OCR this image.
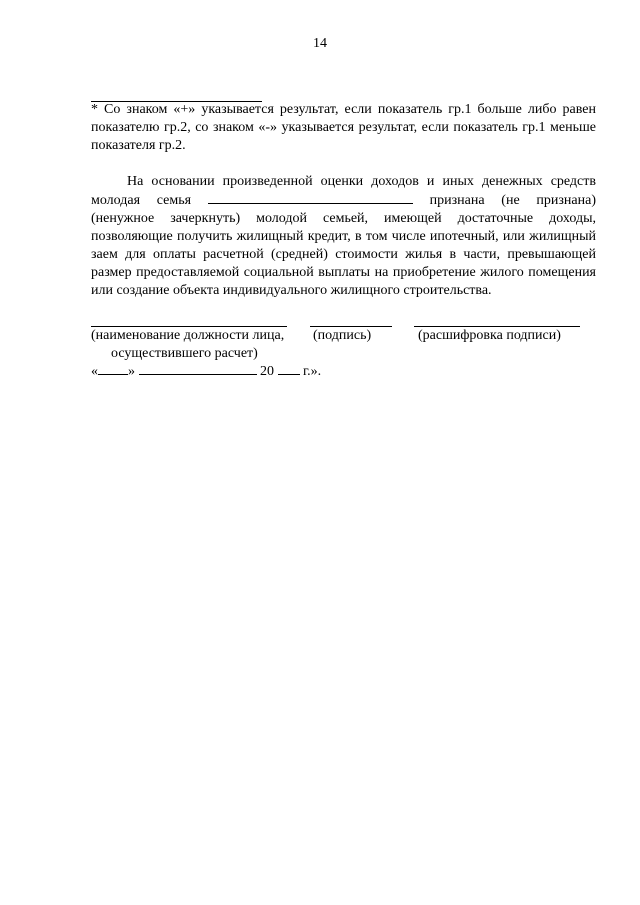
14

* Со знаком «+» указывается результат, если показатель гр.1 больше либо равен показателю гр.2, со знаком «-» указывается результат, если показатель гр.1 меньше показателя гр.2.

На основании произведенной оценки доходов и иных денежных средств молодая семья	признана (не признана) (ненужное зачеркнуть) молодой семьей, имеющей достаточные доходы, позволяющие получить жилищный кредит, в том числе ипотечный, или жилищный заем для оплаты расчетной (средней) стоимости жилья в части, превышающей размер предоставляемой социальной выплаты на приобретение жилого помещения или создание объекта индивидуального жилищного строительства.

(наименование должности лица, (подпись)	(расшифровка подписи)
осуществившего расчет)
« »	20 г.».
